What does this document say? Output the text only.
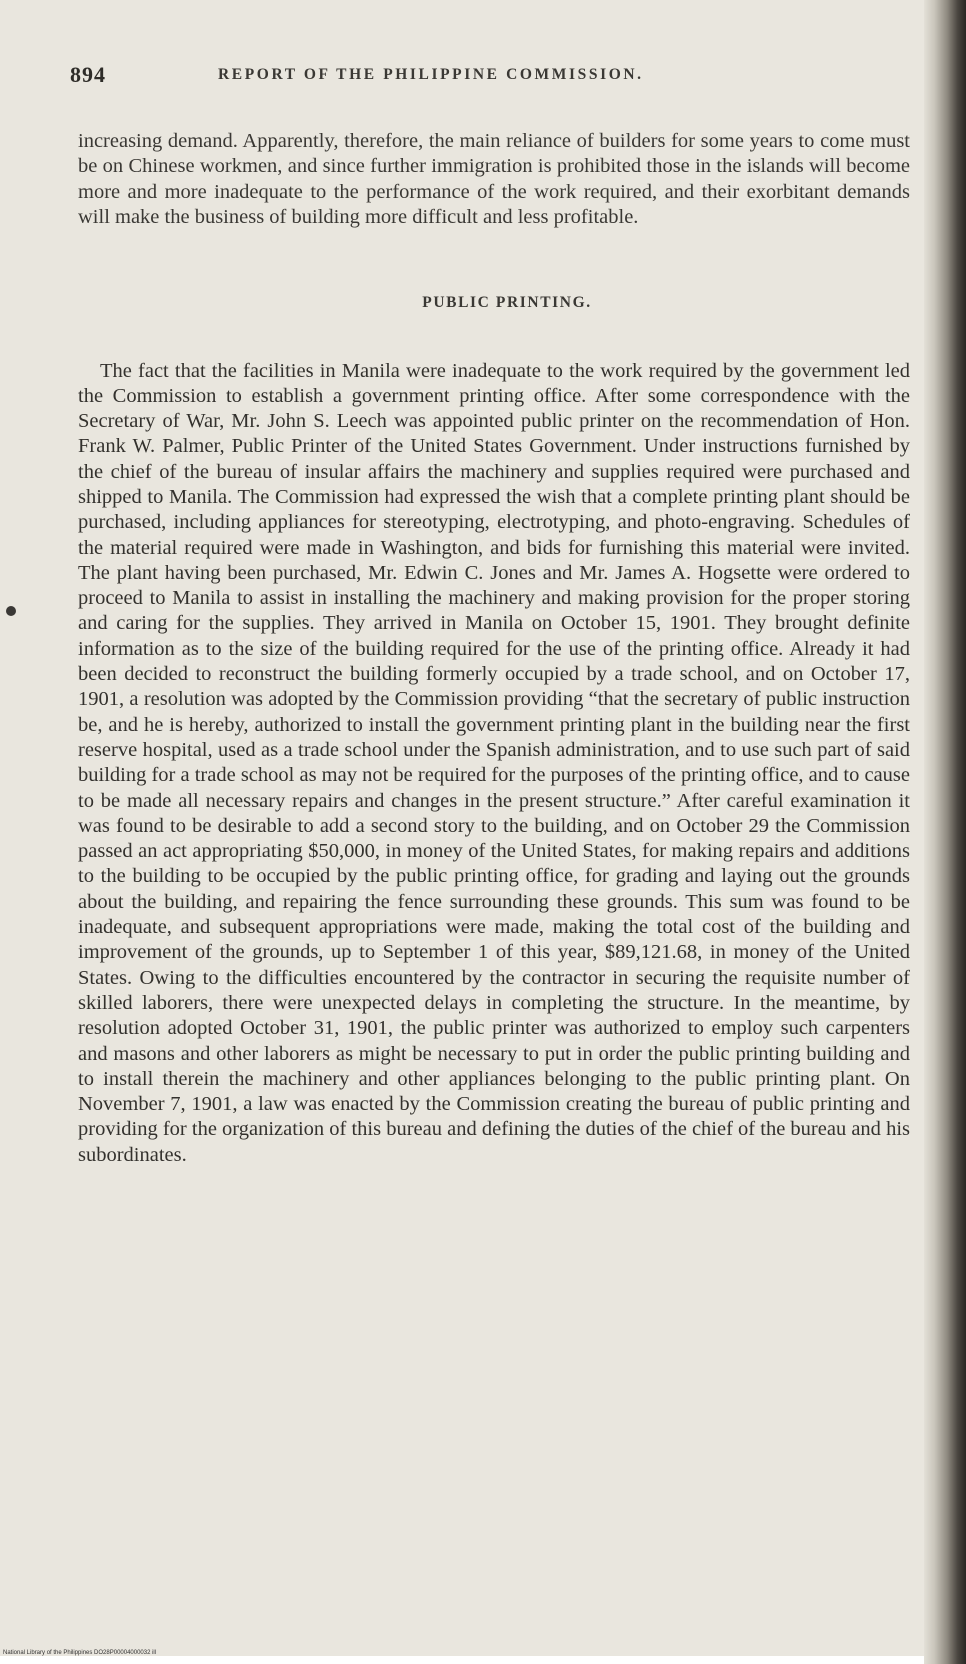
894	REPORT OF THE PHILIPPINE COMMISSION.

increasing demand. Apparently, therefore, the main reliance of builders for some years to come must be on Chinese workmen, and since further immigration is prohibited those in the islands will become more and more inadequate to the performance of the work required, and their exorbitant demands will make the business of building more difficult and less profitable.

PUBLIC PRINTING.

The fact that the facilities in Manila were inadequate to the work required by the government led the Commission to establish a government printing office. After some correspondence with the Secretary of War, Mr. John S. Leech was appointed public printer on the recommendation of Hon. Frank W. Palmer, Public Printer of the United States Government. Under instructions furnished by the chief of the bureau of insular affairs the machinery and supplies required were purchased and shipped to Manila. The Commission had expressed the wish that a complete printing plant should be purchased, including appliances for stereotyping, electrotyping, and photo-engraving. Schedules of the material required were made in Washington, and bids for furnishing this material were invited. The plant having been purchased, Mr. Edwin C. Jones and Mr. James A. Hogsette were ordered to proceed to Manila to assist in installing the machinery and making provision for the proper storing and caring for the supplies. They arrived in Manila on October 15, 1901. They brought definite information as to the size of the building required for the use of the printing office. Already it had been decided to reconstruct the building formerly occupied by a trade school, and on October 17, 1901, a resolution was adopted by the Commission providing “that the secretary of public instruction be, and he is hereby, authorized to install the government printing plant in the building near the first reserve hospital, used as a trade school under the Spanish administration, and to use such part of said building for a trade school as may not be required for the purposes of the printing office, and to cause to be made all necessary repairs and changes in the present structure.” After careful examination it was found to be desirable to add a second story to the building, and on October 29 the Commission passed an act appropriating $50,000, in money of the United States, for making repairs and additions to the building to be occupied by the public printing office, for grading and laying out the grounds about the building, and repairing the fence surrounding these grounds. This sum was found to be inadequate, and subsequent appropriations were made, making the total cost of the building and improvement of the grounds, up to September 1 of this year, $89,121.68, in money of the United States. Owing to the difficulties encountered by the contractor in securing the requisite number of skilled laborers, there were unexpected delays in completing the structure. In the meantime, by resolution adopted October 31, 1901, the public printer was authorized to employ such carpenters and masons and other laborers as might be necessary to put in order the public printing building and to install therein the machinery and other appliances belonging to the public printing plant. On November 7, 1901, a law was enacted by the Commission creating the bureau of public printing and providing for the organization of this bureau and defining the duties of the chief of the bureau and his subordinates.

National Library of the Philippines DO28P00004000032 ill
